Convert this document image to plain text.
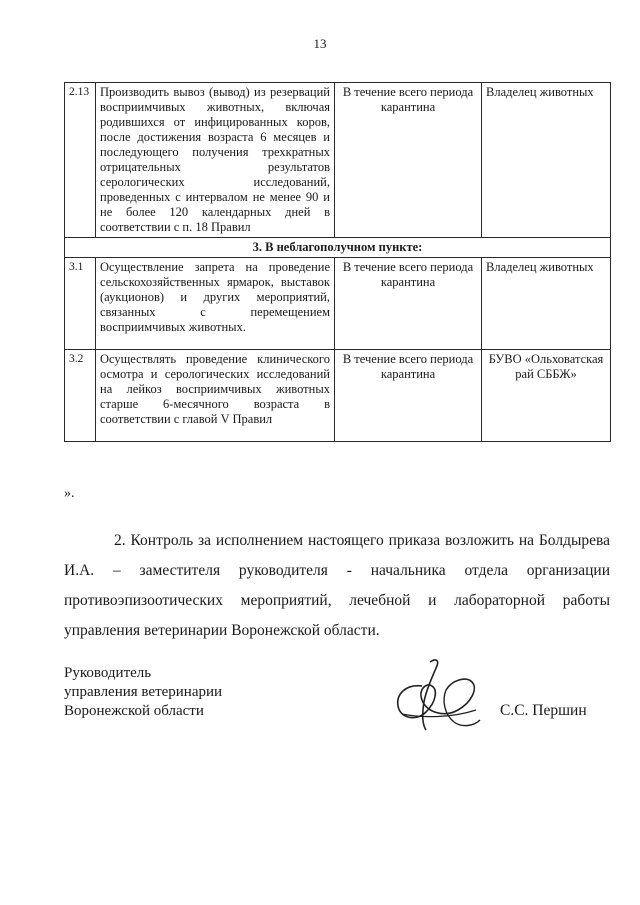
13
2.13	Производить вывоз (вывод) из резерваций восприимчивых животных, включая родившихся от инфицированных коров, после достижения возраста 6 месяцев и последующего получения трехкратных отрицательных результатов серологических исследований, проведенных с интервалом не менее 90 и не более 120 календарных дней в соответствии с п. 18 Правил	В течение всего периода карантина	Владелец животных
3. В неблагополучном пункте:			
3.1	Осуществление запрета на проведение сельскохозяйственных ярмарок, выставок (аукционов) и других мероприятий, связанных с перемещением восприимчивых животных.	В течение всего периода карантина	Владелец животных
3.2	Осуществлять проведение клинического осмотра и серологических исследований на лейкоз восприимчивых животных старше 6-месячного возраста в соответствии с главой V Правил	В течение всего периода карантина	БУВО «Ольховатская рай СББЖ»
».
2. Контроль за исполнением настоящего приказа возложить на Болдырева И.А. – заместителя руководителя - начальника отдела организации противоэпизоотических мероприятий, лечебной и лабораторной работы управления ветеринарии Воронежской области.
Руководитель
управления ветеринарии
Воронежской области	С.С. Першин
